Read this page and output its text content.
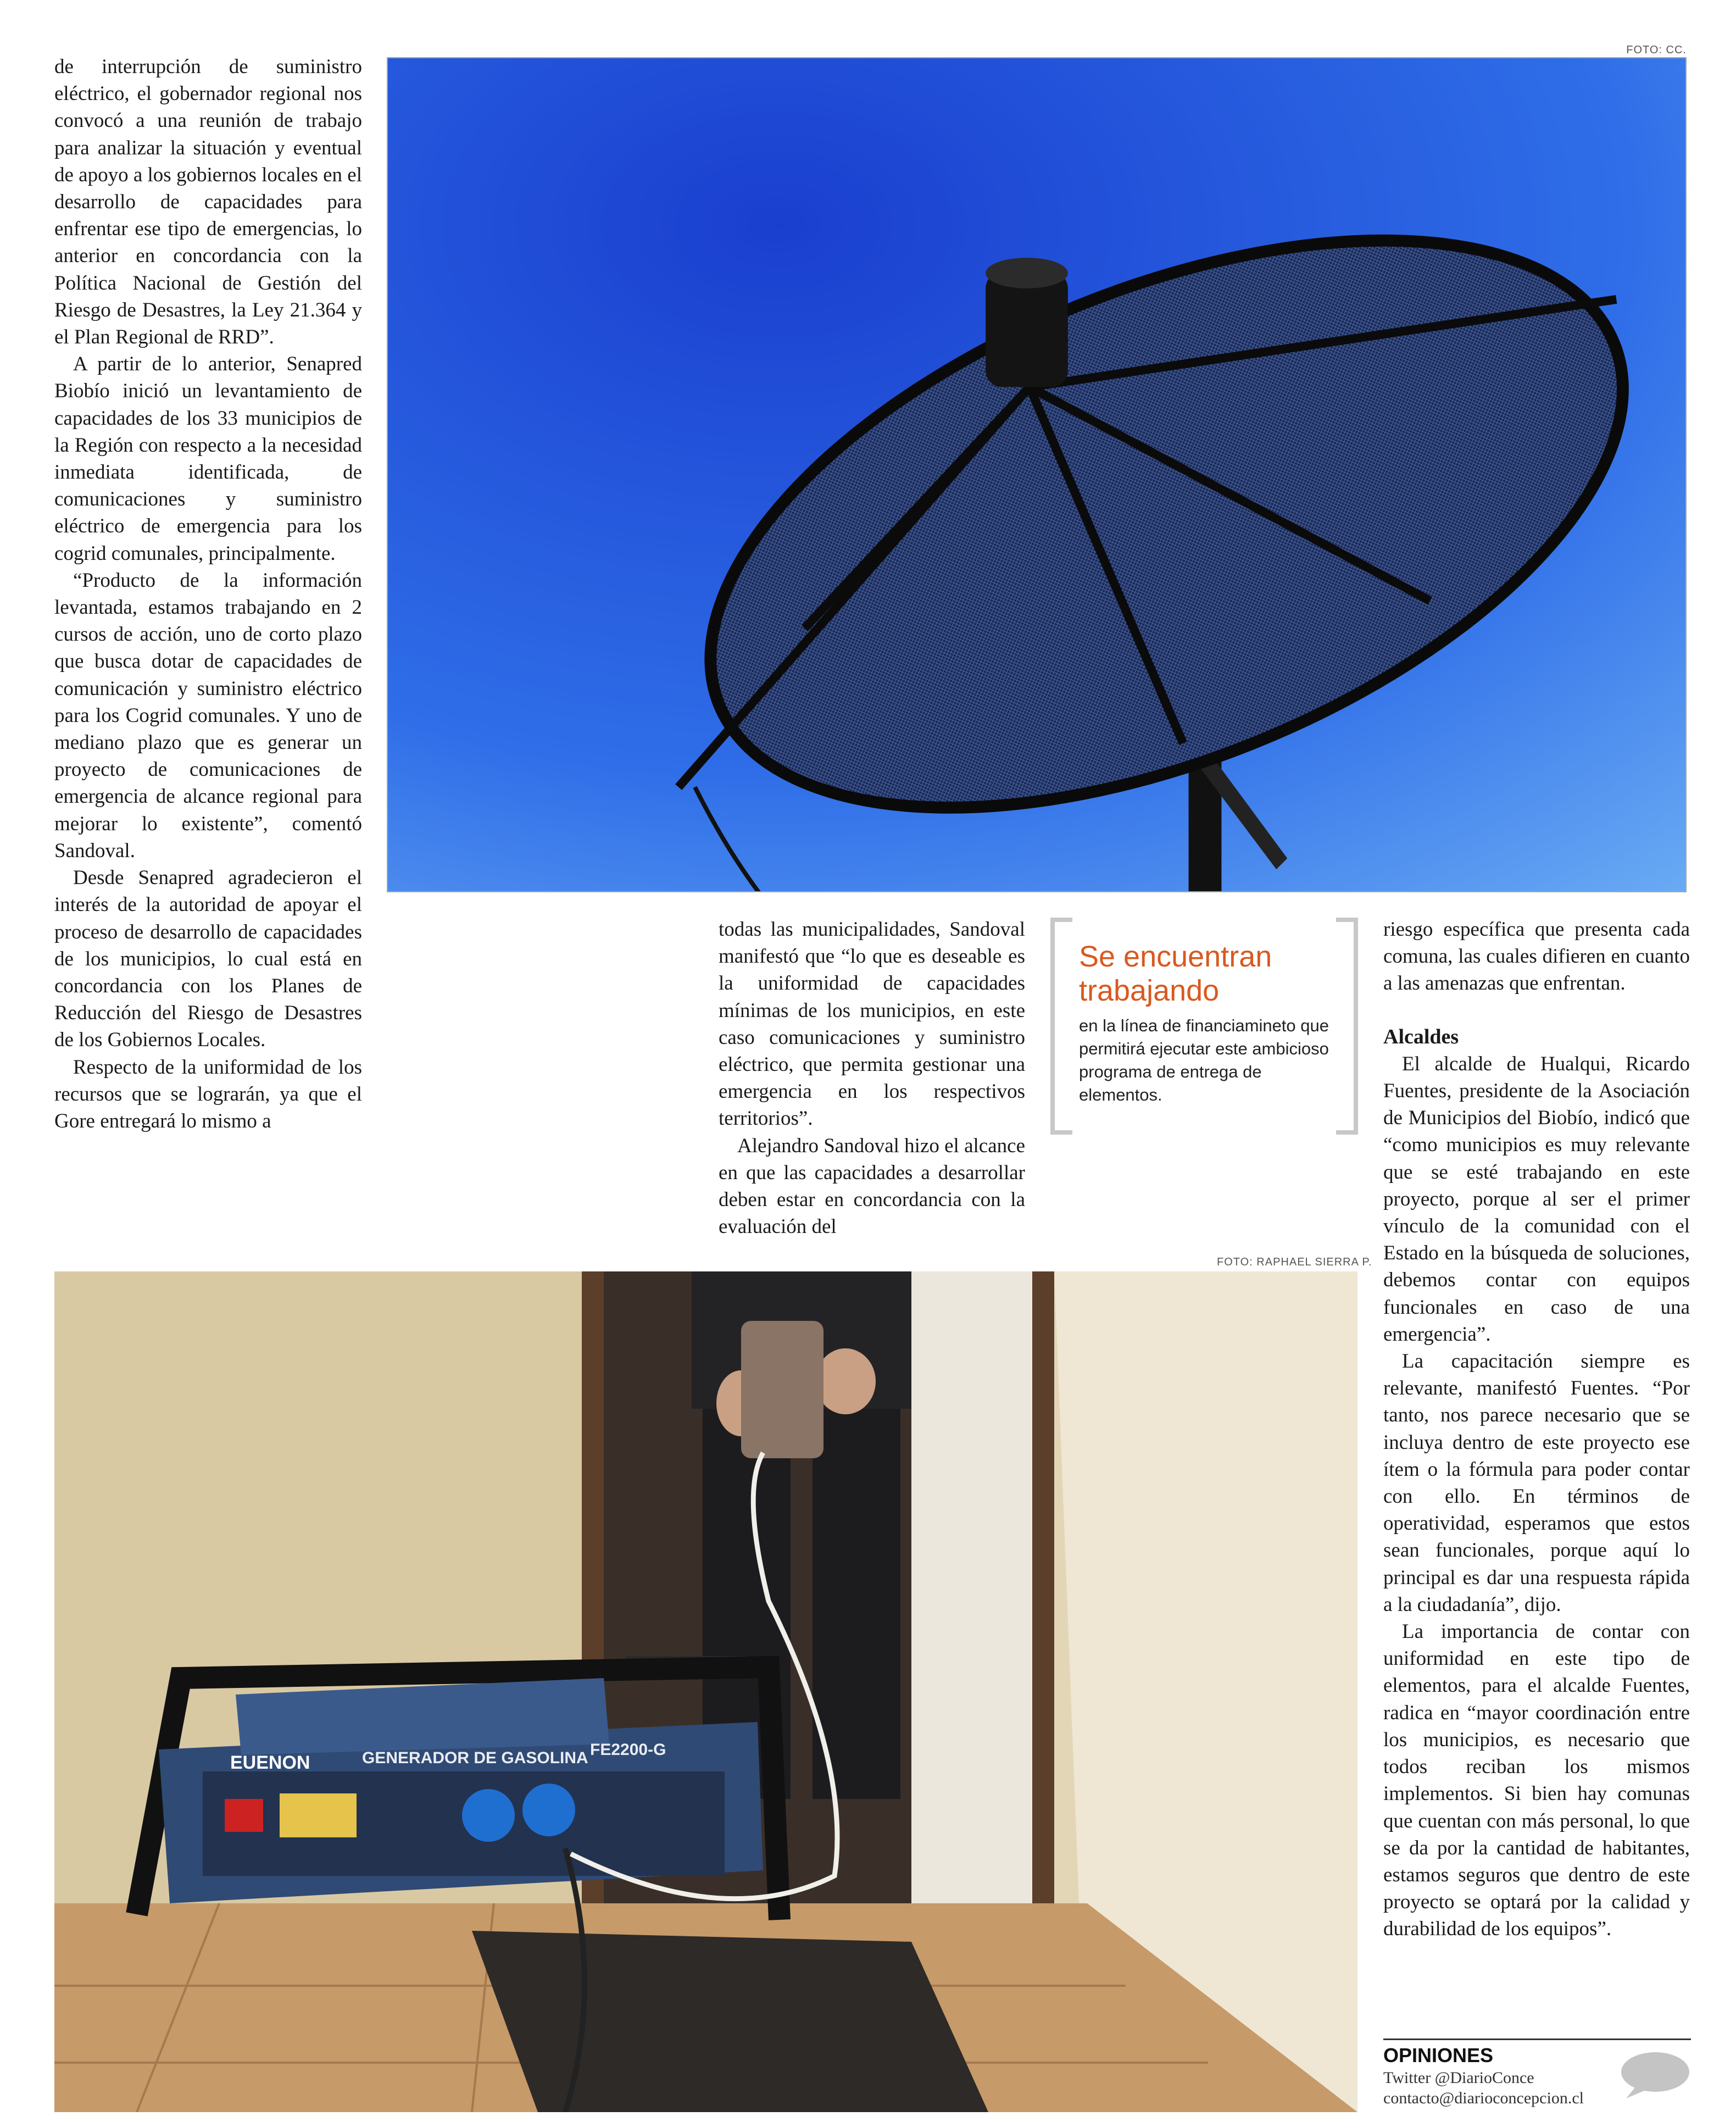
de interrupción de suministro eléctrico, el gobernador regional nos convocó a una reunión de trabajo para analizar la situación y eventual de apoyo a los gobiernos locales en el desarrollo de capacidades para enfrentar ese tipo de emergencias, lo anterior en concordancia con la Política Nacional de Gestión del Riesgo de Desastres, la Ley 21.364 y el Plan Regional de RRD”.

A partir de lo anterior, Senapred Biobío inició un levantamiento de capacidades de los 33 municipios de la Región con respecto a la necesidad inmediata identificada, de comunicaciones y suministro eléctrico de emergencia para los cogrid comunales, principalmente.

“Producto de la información levantada, estamos trabajando en 2 cursos de acción, uno de corto plazo que busca dotar de capacidades de comunicación y suministro eléctrico para los Cogrid comunales. Y uno de mediano plazo que es generar un proyecto de comunicaciones de emergencia de alcance regional para mejorar lo existente”, comentó Sandoval.

Desde Senapred agradecieron el interés de la autoridad de apoyar el proceso de desarrollo de capacidades de los municipios, lo cual está en concordancia con los Planes de Reducción del Riesgo de Desastres de los Gobiernos Locales.

Respecto de la uniformidad de los recursos que se lograrán, ya que el Gore entregará lo mismo a

FOTO: CC.

todas las municipalidades, Sandoval manifestó que “lo que es deseable es la uniformidad de capacidades mínimas de los municipios, en este caso comunicaciones y suministro eléctrico, que permita gestionar una emergencia en los respectivos territorios”.

Alejandro Sandoval hizo el alcance en que las capacidades a desarrollar deben estar en concordancia con la evaluación del

Se encuentran trabajando
en la línea de financiamineto que permitirá ejecutar este ambicioso programa de entrega de elementos.

riesgo específica que presenta cada comuna, las cuales difieren en cuanto a las amenazas que enfrentan.

Alcaldes

El alcalde de Hualqui, Ricardo Fuentes, presidente de la Asociación de Municipios del Biobío, indicó que “como municipios es muy relevante que se esté trabajando en este proyecto, porque al ser el primer vínculo de la comunidad con el Estado en la búsqueda de soluciones, debemos contar con equipos funcionales en caso de una emergencia”.

La capacitación siempre es relevante, manifestó Fuentes. “Por tanto, nos parece necesario que se incluya dentro de este proyecto ese ítem o la fórmula para poder contar con ello. En términos de operatividad, esperamos que estos sean funcionales, porque aquí lo principal es dar una respuesta rápida a la ciudadanía”, dijo.

La importancia de contar con uniformidad en este tipo de elementos, para el alcalde Fuentes, radica en “mayor coordinación entre los municipios, es necesario que todos reciban los mismos implementos. Si bien hay comunas que cuentan con más personal, lo que se da por la cantidad de habitantes, estamos seguros que dentro de este proyecto se optará por la calidad y durabilidad de los equipos”.

FOTO: RAPHAEL SIERRA P.
EUENON	GENERADOR DE GASOLINA FE2200-G
OPINIONES
Twitter @DiarioConce
contacto@diarioconcepcion.cl
